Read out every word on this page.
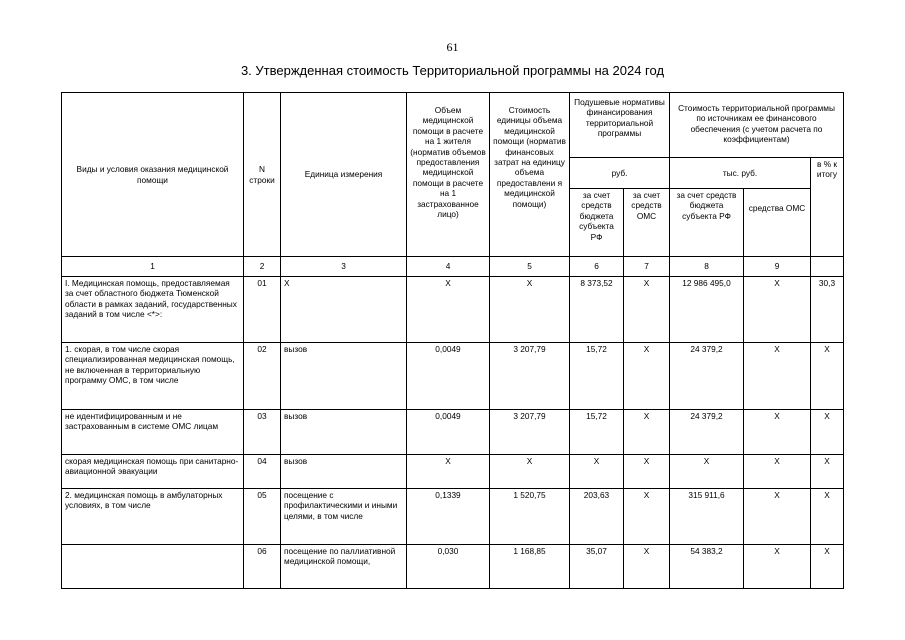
61
3. Утвержденная стоимость Территориальной программы на 2024 год
Виды и условия оказания медицинской помощи	N строки	Единица измерения	Объем медицинской помощи в расчете на 1 жителя (норматив объемов предоставления медицинской помощи в расчете на 1 застрахованное лицо)	Стоимость единицы объема медицинской помощи (норматив финансовых затрат на единицу объема предоставлени я медицинской помощи)	Подушевые нормативы финансирования территориальной программы		Стоимость территориальной программы по источникам ее финансового обеспечения (с учетом расчета по коэффициентам)		
					руб.		тыс. руб.		в % к итогу
					за счет средств бюджета субъекта РФ	за счет средств ОМС	за счет средств бюджета субъекта РФ	средства ОМС	
1	2	3	4	5	6	7	8	9	
I. Медицинская помощь, предоставляемая за счет областного бюджета Тюменской области в рамках заданий, государственных заданий в том числе <*>:	01	Х	Х	Х	8 373,52	Х	12 986 495,0	Х	30,3
1. скорая, в том числе скорая специализированная медицинская помощь, не включенная в территориальную программу ОМС, в том числе	02	вызов	0,0049	3 207,79	15,72	Х	24 379,2	Х	Х
не идентифицированным и не застрахованным в системе ОМС лицам	03	вызов	0,0049	3 207,79	15,72	Х	24 379,2	Х	Х
скорая медицинская помощь при санитарно-авиационной эвакуации	04	вызов	Х	Х	Х	Х	Х	Х	Х
2. медицинская помощь в амбулаторных условиях, в том числе	05	посещение с профилактическими и иными целями, в том числе	0,1339	1 520,75	203,63	Х	315 911,6	Х	Х
	06	посещение по паллиативной медицинской помощи,	0,030	1 168,85	35,07	Х	54 383,2	Х	Х
